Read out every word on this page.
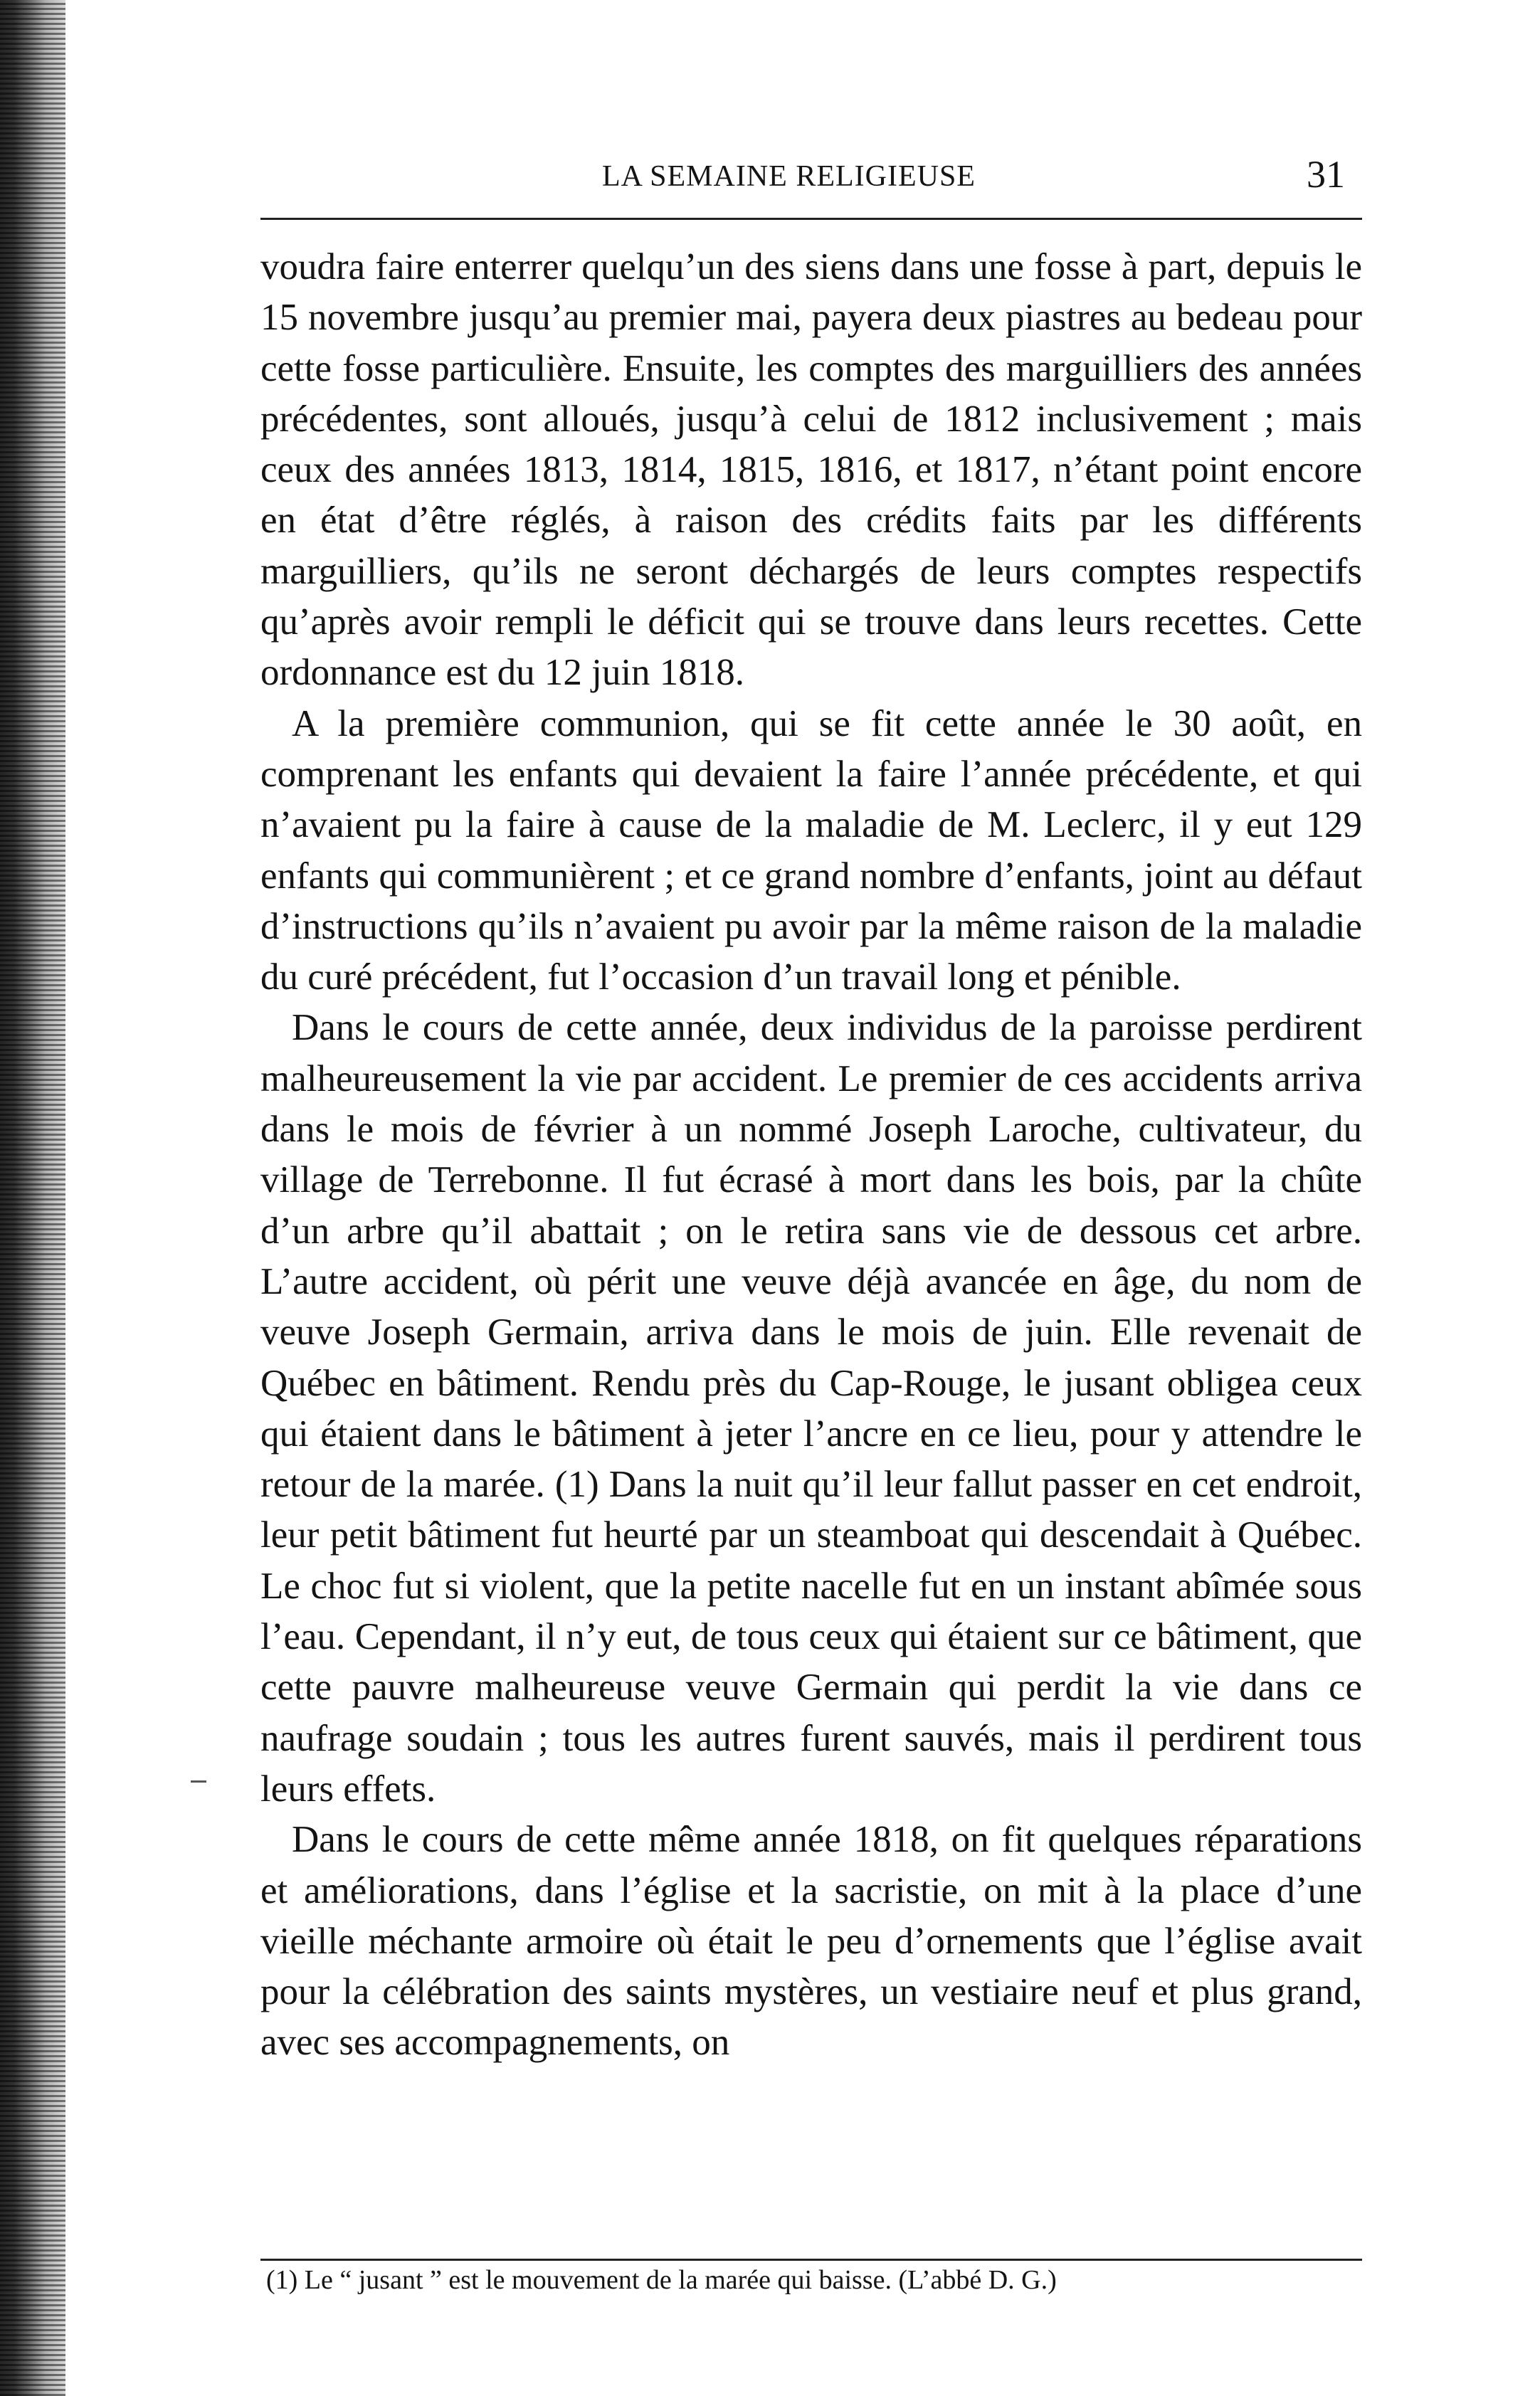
LA SEMAINE RELIGIEUSE	31

voudra faire enterrer quelqu’un des siens dans une fosse à part, depuis le 15 novembre jusqu’au premier mai, payera deux piastres au bedeau pour cette fosse particulière. Ensuite, les comptes des marguilliers des années précédentes, sont alloués, jusqu’à celui de 1812 inclusivement ; mais ceux des années 1813, 1814, 1815, 1816, et 1817, n’étant point encore en état d’être réglés, à raison des crédits faits par les différents marguilliers, qu’ils ne seront déchargés de leurs comptes respectifs qu’après avoir rempli le déficit qui se trouve dans leurs recettes. Cette ordonnance est du 12 juin 1818.

A la première communion, qui se fit cette année le 30 août, en comprenant les enfants qui devaient la faire l’année précédente, et qui n’avaient pu la faire à cause de la maladie de M. Leclerc, il y eut 129 enfants qui communièrent ; et ce grand nombre d’enfants, joint au défaut d’instructions qu’ils n’avaient pu avoir par la même raison de la maladie du curé précédent, fut l’occasion d’un travail long et pénible.

Dans le cours de cette année, deux individus de la paroisse perdirent malheureusement la vie par accident. Le premier de ces accidents arriva dans le mois de février à un nommé Joseph Laroche, cultivateur, du village de Terrebonne. Il fut écrasé à mort dans les bois, par la chûte d’un arbre qu’il abattait ; on le retira sans vie de dessous cet arbre. L’autre accident, où périt une veuve déjà avancée en âge, du nom de veuve Joseph Germain, arriva dans le mois de juin. Elle revenait de Québec en bâtiment. Rendu près du Cap-Rouge, le jusant obligea ceux qui étaient dans le bâtiment à jeter l’ancre en ce lieu, pour y attendre le retour de la marée. (1) Dans la nuit qu’il leur fallut passer en cet endroit, leur petit bâtiment fut heurté par un steamboat qui descendait à Québec. Le choc fut si violent, que la petite nacelle fut en un instant abîmée sous l’eau. Cependant, il n’y eut, de tous ceux qui étaient sur ce bâtiment, que cette pauvre malheureuse veuve Germain qui perdit la vie dans ce naufrage soudain ; tous les autres furent sauvés, mais il perdirent tous leurs effets.

Dans le cours de cette même année 1818, on fit quelques réparations et améliorations, dans l’église et la sacristie, on mit à la place d’une vieille méchante armoire où était le peu d’ornements que l’église avait pour la célébration des saints mystères, un vestiaire neuf et plus grand, avec ses accompagnements, on

(1) Le “ jusant ” est le mouvement de la marée qui baisse. (L’abbé D. G.)
